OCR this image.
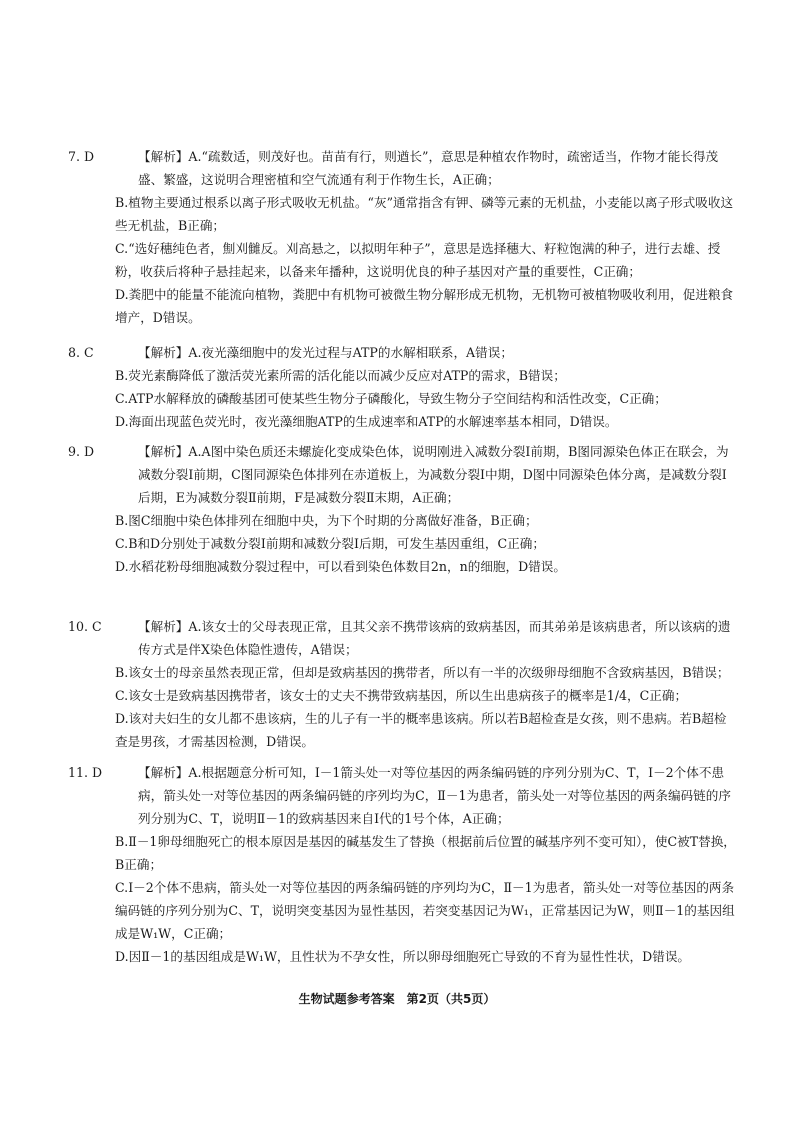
7. D	【解析】A.“疏数适，则茂好也。苗苗有行，则遒长”，意思是种植农作物时，疏密适当，作物才能长得茂盛、繁盛，这说明合理密植和空气流通有利于作物生长，A正确；
B.植物主要通过根系以离子形式吸收无机盐。“灰”通常指含有钾、磷等元素的无机盐，小麦能以离子形式吸收这些无机盐，B正确；
C.“选好穗纯色者，劁刈雠反。刈高悬之，以拟明年种子”，意思是选择穗大、籽粒饱满的种子，进行去雄、授粉，收获后将种子悬挂起来，以备来年播种，这说明优良的种子基因对产量的重要性，C正确；
D.粪肥中的能量不能流向植物，粪肥中有机物可被微生物分解形成无机物，无机物可被植物吸收利用，促进粮食增产，D错误。
8. C	【解析】A.夜光藻细胞中的发光过程与ATP的水解相联系，A错误；
B.荧光素酶降低了激活荧光素所需的活化能以而减少反应对ATP的需求，B错误；
C.ATP水解释放的磷酸基团可使某些生物分子磷酸化，导致生物分子空间结构和活性改变，C正确；
D.海面出现蓝色荧光时，夜光藻细胞ATP的生成速率和ATP的水解速率基本相同，D错误。
9. D	【解析】A.A图中染色质还未螺旋化变成染色体，说明刚进入减数分裂Ⅰ前期，B图同源染色体正在联会，为减数分裂Ⅰ前期，C图同源染色体排列在赤道板上，为减数分裂Ⅰ中期，D图中同源染色体分离，是减数分裂Ⅰ后期，E为减数分裂Ⅱ前期，F是减数分裂Ⅱ末期，A正确；
B.图C细胞中染色体排列在细胞中央，为下个时期的分离做好准备，B正确；
C.B和D分别处于减数分裂Ⅰ前期和减数分裂Ⅰ后期，可发生基因重组，C正确；
D.水稻花粉母细胞减数分裂过程中，可以看到染色体数目2n，n的细胞，D错误。
10. C	【解析】A.该女士的父母表现正常，且其父亲不携带该病的致病基因，而其弟弟是该病患者，所以该病的遗传方式是伴X染色体隐性遗传，A错误；
B.该女士的母亲虽然表现正常，但却是致病基因的携带者，所以有一半的次级卵母细胞不含致病基因，B错误；
C.该女士是致病基因携带者，该女士的丈夫不携带致病基因，所以生出患病孩子的概率是1/4，C正确；
D.该对夫妇生的女儿都不患该病，生的儿子有一半的概率患该病。所以若B超检查是女孩，则不患病。若B超检查是男孩，才需基因检测，D错误。
11. D	【解析】A.根据题意分析可知，Ⅰ－1箭头处一对等位基因的两条编码链的序列分别为C、T，Ⅰ－2个体不患病，箭头处一对等位基因的两条编码链的序列均为C，Ⅱ－1为患者，箭头处一对等位基因的两条编码链的序列分别为C、T，说明Ⅱ－1的致病基因来自Ⅰ代的1号个体，A正确；
B.Ⅱ－1卵母细胞死亡的根本原因是基因的碱基发生了替换（根据前后位置的碱基序列不变可知），使C被T替换，B正确；
C.Ⅰ－2个体不患病，箭头处一对等位基因的两条编码链的序列均为C，Ⅱ－1为患者，箭头处一对等位基因的两条编码链的序列分别为C、T，说明突变基因为显性基因，若突变基因记为W₁，正常基因记为W，则Ⅱ－1的基因组成是W₁W，C正确；
D.因Ⅱ－1的基因组成是W₁W，且性状为不孕女性，所以卵母细胞死亡导致的不育为显性性状，D错误。
生物试题参考答案　第2页（共5页）
